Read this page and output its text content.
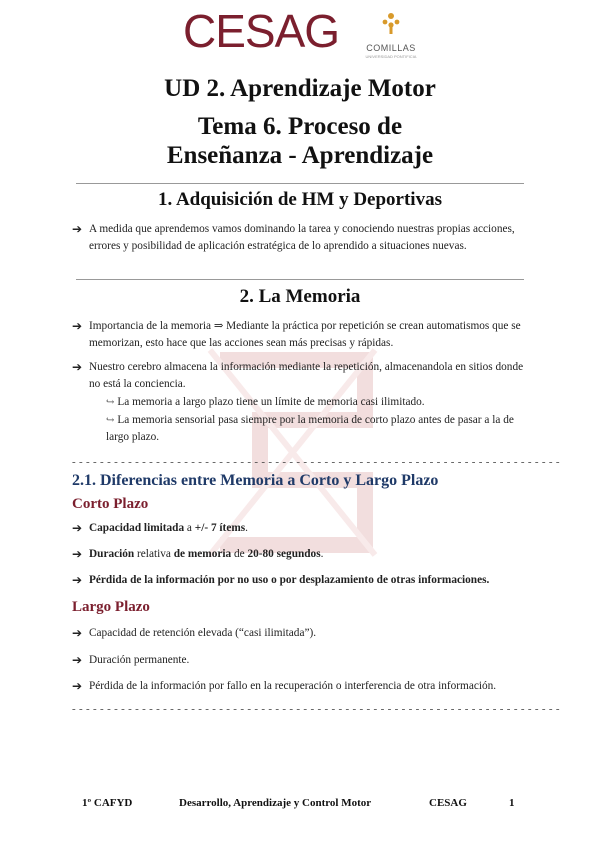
CESAG	COMILLAS
UNIVERSIDAD PONTIFICIA
UD 2. Aprendizaje Motor
Tema 6. Proceso de
Enseñanza - Aprendizaje
1. Adquisición de HM y Deportivas
➔ A medida que aprendemos vamos dominando la tarea y conociendo nuestras propias acciones, errores y posibilidad de aplicación estratégica de lo aprendido a situaciones nuevas.
2. La Memoria
➔ Importancia de la memoria ⇒ Mediante la práctica por repetición se crean automatismos que se memorizan, esto hace que las acciones sean más precisas y rápidas.
➔ Nuestro cerebro almacena la información mediante la repetición, almacenandola en sitios donde no está la conciencia.
↪ La memoria a largo plazo tiene un límite de memoria casi ilimitado.
↪ La memoria sensorial pasa siempre por la memoria de corto plazo antes de pasar a la de largo plazo.
- - - - - - - - - - - - - - - - - - - - - - - - - - - - - - - - - - - - - - - - - - - - - - - - - - - - - - - - - - - - - - - - - - - - - -
2.1. Diferencias entre Memoria a Corto y Largo Plazo
Corto Plazo
➔ Capacidad limitada a +/- 7 ítems.
➔ Duración relativa de memoria de 20-80 segundos.
➔ Pérdida de la información por no uso o por desplazamiento de otras informaciones.
Largo Plazo
➔ Capacidad de retención elevada (“casi ilimitada”).
➔ Duración permanente.
➔ Pérdida de la información por fallo en la recuperación o interferencia de otra información.
- - - - - - - - - - - - - - - - - - - - - - - - - - - - - - - - - - - - - - - - - - - - - - - - - - - - - - - - - - - - - - - - - - - - - -
1º CAFYD	Desarrollo, Aprendizaje y Control Motor	CESAG	1
